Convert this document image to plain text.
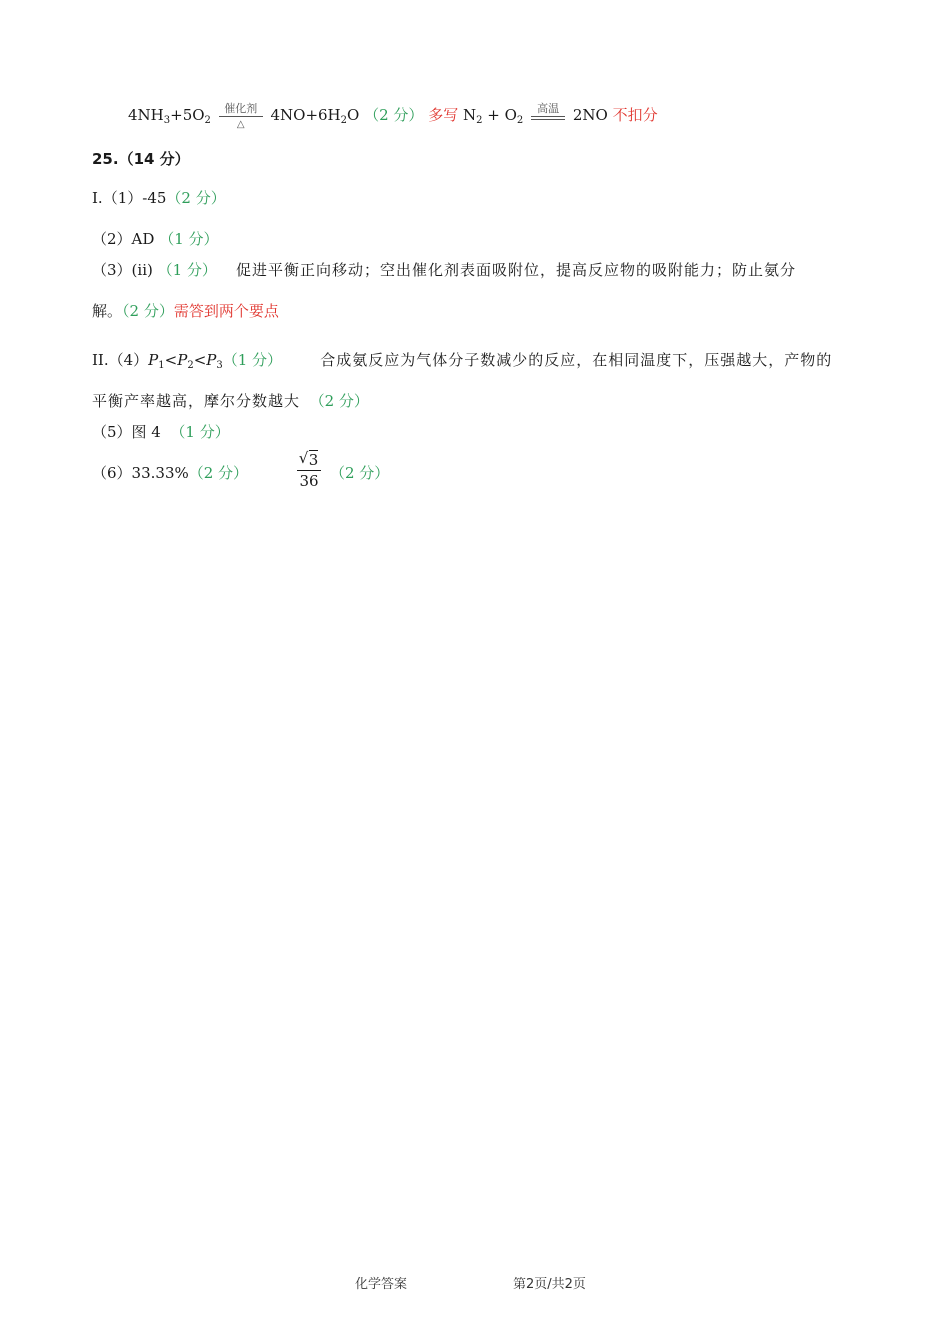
$4NH_3+5O_2$
催化剂
△
$4NO+6H_2O$ （2 分） 多写 $N_2 + O_2$
高温 2NO 不扣分
25.（14 分）
I.（1）-45（2 分）
（2）AD （1 分）
（3）(ii) （1 分） 促进平衡正向移动；空出催化剂表面吸附位，提高反应物的吸附能力；防止氨分
解。（2 分）需答到两个要点
$II.(4)P_1<P_2<P_3(1$ 分）	合成氨反应为气体分子数减少的反应，在相同温度下，压强越大，产物的
平衡产率越高，摩尔分数越大 （2 分）
（5）图 4 （1 分）
（6）33.33%（2 分）
√	$\frac{3}{36} (2$ 分）
化学答案	第2页/共2页
